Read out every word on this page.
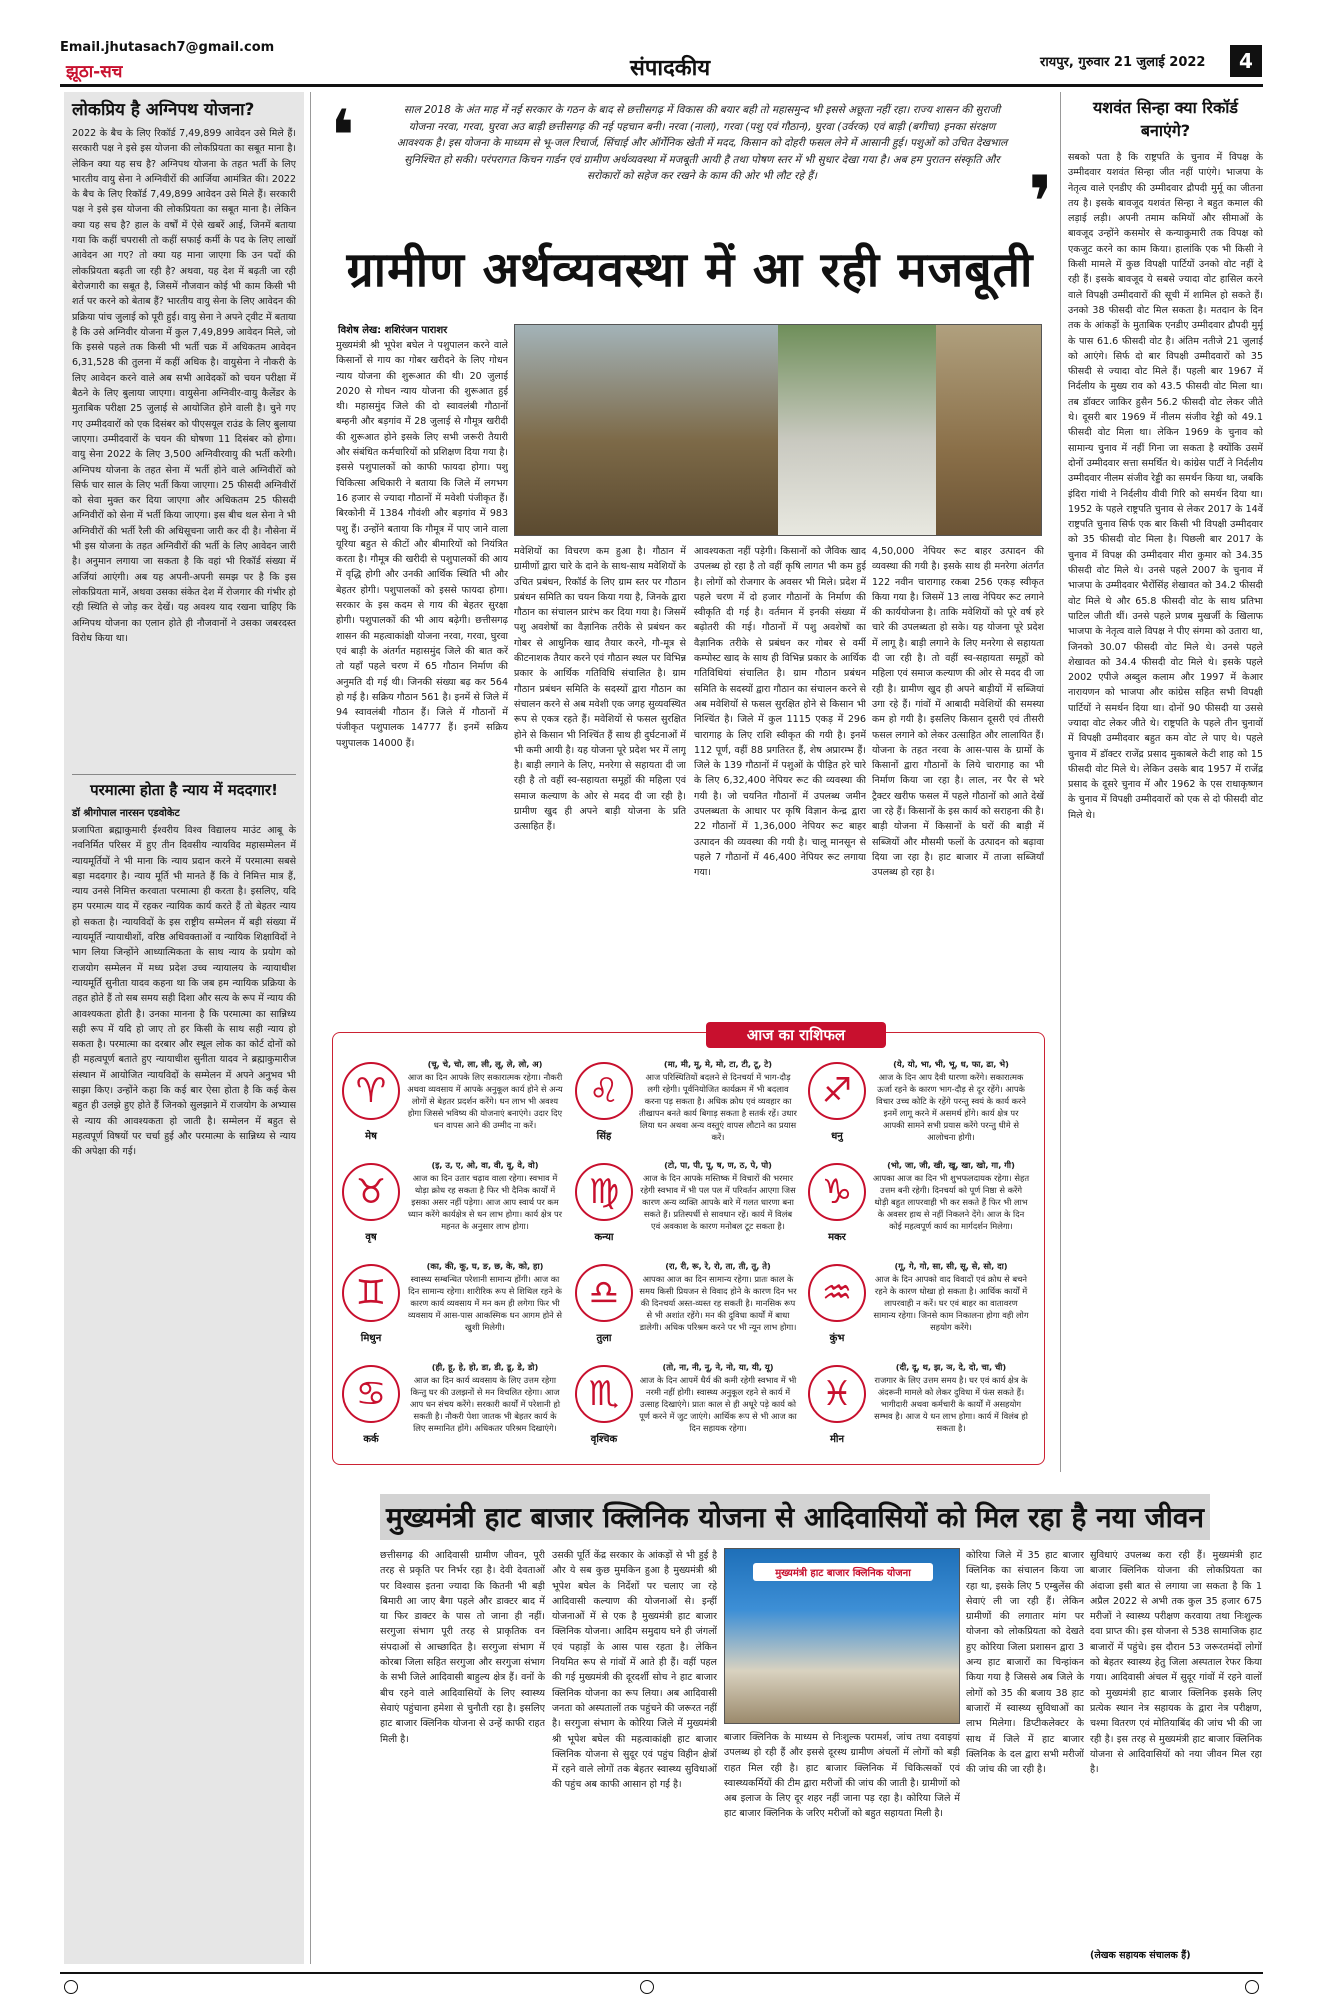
Email.jhutasach7@gmail.com
झूठा-सच	संपादकीय	रायपुर, गुरुवार 21 जुलाई 2022	4
लोकप्रिय है अग्निपथ योजना?

2022 के बैच के लिए रिकॉर्ड 7,49,899 आवेदन उसे मिले हैं। सरकारी पक्ष ने इसे इस योजना की लोकप्रियता का सबूत माना है। लेकिन क्या यह सच है? अग्निपथ योजना के तहत भर्ती के लिए भारतीय वायु सेना ने अग्निवीरों की आर्जिया आमंत्रित की। 2022 के बैच के लिए रिकॉर्ड 7,49,899 आवेदन उसे मिले हैं। सरकारी पक्ष ने इसे इस योजना की लोकप्रियता का सबूत माना है। लेकिन क्या यह सच है? हाल के वर्षों में ऐसे खबरें आई, जिनमें बताया गया कि कहीं चपरासी तो कहीं सफाई कर्मी के पद के लिए लाखों आवेदन आ गए? तो क्या यह माना जाएगा कि उन पदों की लोकप्रियता बढ़ती जा रही है? अथवा, यह देश में बढ़ती जा रही बेरोजगारी का सबूत है, जिसमें नौजवान कोई भी काम किसी भी शर्त पर करने को बेताब हैं? भारतीय वायु सेना के लिए आवेदन की प्रक्रिया पांच जुलाई को पूरी हुई। वायु सेना ने अपने ट्वीट में बताया है कि उसे अग्निवीर योजना में कुल 7,49,899 आवेदन मिले, जो कि इससे पहले तक किसी भी भर्ती चक्र में अधिकतम आवेदन 6,31,528 की तुलना में कहीं अधिक है। वायुसेना ने नौकरी के लिए आवेदन करने वाले अब सभी आवेदकों को चयन परीक्षा में बैठने के लिए बुलाया जाएगा। वायुसेना अग्निवीर-वायु कैलेंडर के मुताबिक परीक्षा 25 जुलाई से आयोजित होने वाली है। चुने गए गए उम्मीदवारों को एक दिसंबर को पीएसयूल राउंड के लिए बुलाया जाएगा। उम्मीदवारों के चयन की घोषणा 11 दिसंबर को होगा। वायु सेना 2022 के लिए 3,500 अग्निवीरवायु की भर्ती करेगी। अग्निपथ योजना के तहत सेना में भर्ती होने वाले अग्निवीरों को सिर्फ चार साल के लिए भर्ती किया जाएगा। 25 फीसदी अग्निवीरों को सेवा मुक्त कर दिया जाएगा और अधिकतम 25 फीसदी अग्निवीरों को सेना में भर्ती किया जाएगा। इस बीच थल सेना ने भी अग्निवीरों की भर्ती रैली की अधिसूचना जारी कर दी है। नौसेना में भी इस योजना के तहत अग्निवीरों की भर्ती के लिए आवेदन जारी है। अनुमान लगाया जा सकता है कि वहां भी रिकॉर्ड संख्या में अर्जियां आएंगी। अब यह अपनी-अपनी समझ पर है कि इस लोकप्रियता मानें, अथवा उसका संकेत देश में रोजगार की गंभीर हो रही स्थिति से जोड़ कर देखें। यह अवश्य याद रखना चाहिए कि अग्निपथ योजना का एलान होते ही नौजवानों ने उसका जबरदस्त विरोध किया था।

परमात्मा होता है न्याय में मददगार!
डॉ श्रीगोपाल नारसन एडवोकेट

प्रजापिता ब्रह्माकुमारी ईश्वरीय विश्व विद्यालय माउंट आबू के नवनिर्मित परिसर में हुए तीन दिवसीय न्यायविद महासम्मेलन में न्यायमूर्तियों ने भी माना कि न्याय प्रदान करने में परमात्मा सबसे बड़ा मददगार है। न्याय मूर्ति भी मानते हैं कि वे निमित्त मात्र हैं, न्याय उनसे निमित्त करवाता परमात्मा ही करता है। इसलिए, यदि हम परमात्म याद में रहकर न्यायिक कार्य करते हैं तो बेहतर न्याय हो सकता है। न्यायविदों के इस राष्ट्रीय सम्मेलन में बड़ी संख्या में न्यायमूर्ति न्यायाधीशों, वरिष्ठ अधिवक्ताओं व न्यायिक शिक्षाविदों ने भाग लिया जिन्होंने आध्यात्मिकता के साथ न्याय के प्रयोग को राजयोग सम्मेलन में मध्य प्रदेश उच्च न्यायालय के न्यायाधीश न्यायमूर्ति सुनीता यादव कहना था कि जब हम न्यायिक प्रक्रिया के तहत होते हैं तो सब समय सही दिशा और सत्य के रूप में न्याय की आवश्यकता होती है। उनका मानना है कि परमात्मा का सान्निध्य सही रूप में यदि हो जाए तो हर किसी के साथ सही न्याय हो सकता है। परमात्मा का दरबार और स्थूल लोक का कोर्ट दोनों को ही महत्वपूर्ण बताते हुए न्यायाधीश सुनीता यादव ने ब्रह्माकुमारीज संस्थान में आयोजित न्यायविदों के सम्मेलन में अपने अनुभव भी साझा किए। उन्होंने कहा कि कई बार ऐसा होता है कि कई केस बहुत ही उलझे हुए होते हैं जिनको सुलझाने में राजयोग के अभ्यास से न्याय की आवश्यकता हो जाती है। सम्मेलन में बहुत से महत्वपूर्ण विषयों पर चर्चा हुई और परमात्मा के सान्निध्य से न्याय की अपेक्षा की गई।

❛	साल 2018 के अंत माह में नई सरकार के गठन के बाद से छत्तीसगढ़ में विकास की बयार बही तो महासमुन्द भी इससे अछूता नहीं रहा। राज्य शासन की सुराजी योजना नरवा, गरवा, घुरवा अउ बाड़ी छत्तीसगढ़ की नई पहचान बनी। नरवा (नाला), गरवा (पशु एवं गौठान), घुरवा (उर्वरक) एवं बाड़ी (बगीचा) इनका संरक्षण आवश्यक है। इस योजना के माध्यम से भू-जल रिचार्ज, सिंचाई और ऑर्गेनिक खेती में मदद, किसान को दोहरी फसल लेने में आसानी हुई। पशुओं को उचित देखभाल सुनिश्चित हो सकी। परंपरागत किचन गार्डन एवं ग्रामीण अर्थव्यवस्था में मजबूती आयी है तथा पोषण स्तर में भी सुधार देखा गया है। अब हम पुरातन संस्कृति और सरोकारों को सहेज कर रखने के काम की ओर भी लौट रहे हैं।	❜
ग्रामीण अर्थव्यवस्था में आ रही मजबूती
विशेष लेख: शशिरंजन पाराशर

मुख्यमंत्री श्री भूपेश बघेल ने पशुपालन करने वाले किसानों से गाय का गोबर खरीदने के लिए गोधन न्याय योजना की शुरूआत की थी। 20 जुलाई 2020 से गोधन न्याय योजना की शुरूआत हुई थी। महासमुंद जिले की दो स्वावलंबी गौठानों बम्हनी और बड़गांव में 28 जुलाई से गौमूत्र खरीदी की शुरूआत होने इसके लिए सभी जरूरी तैयारी और संबंधित कर्मचारियों को प्रशिक्षण दिया गया है। इससे पशुपालकों को काफी फायदा होगा। पशु चिकित्सा अधिकारी ने बताया कि जिले में लगभग 16 हजार से ज्यादा गौठानों में मवेशी पंजीकृत हैं। बिरकोनी में 1384 गौवंशी और बड़गांव में 983 पशु हैं। उन्होंने बताया कि गौमूत्र में पाए जाने वाला यूरिया बहुत से कीटों और बीमारियों को नियंत्रित करता है। गौमूत्र की खरीदी से पशुपालकों की आय में वृद्धि होगी और उनकी आर्थिक स्थिति भी और बेहतर होगी। पशुपालकों को इससे फायदा होगा। सरकार के इस कदम से गाय की बेहतर सुरक्षा होगी। पशुपालकों की भी आय बढ़ेगी। छत्तीसगढ़ शासन की महत्वाकांक्षी योजना नरवा, गरवा, घुरवा एवं बाड़ी के अंतर्गत महासमुंद जिले की बात करें तो यहाँ पहले चरण में 65 गौठान निर्माण की अनुमति दी गई थी। जिनकी संख्या बढ़ कर 564 हो गई है। सक्रिय गौठान 561 है। इनमें से जिले में 94 स्वावलंबी गौठान हैं। जिले में गौठानों में पंजीकृत पशुपालक 14777 हैं। इनमें सक्रिय पशुपालक 14000 हैं।

मवेशियों का विचरण कम हुआ है। गौठान में ग्रामीणों द्वारा चारे के दाने के साथ-साथ मवेशियों के उचित प्रबंधन, रिकॉर्ड के लिए ग्राम स्तर पर गौठान प्रबंधन समिति का चयन किया गया है, जिनके द्वारा गौठान का संचालन प्रारंभ कर दिया गया है। जिसमें पशु अवशेषों का वैज्ञानिक तरीके से प्रबंधन कर गोबर से आधुनिक खाद तैयार करने, गौ-मूत्र से कीटनाशक तैयार करने एवं गौठान स्थल पर विभिन्न प्रकार के आर्थिक गतिविधि संचालित है। ग्राम गौठान प्रबंधन समिति के सदस्यों द्वारा गौठान का संचालन करने से अब मवेशी एक जगह सुव्यवस्थित रूप से एकत्र रहते हैं। मवेशियों से फसल सुरक्षित होने से किसान भी निश्चिंत हैं साथ ही दुर्घटनाओं में भी कमी आयी है। यह योजना पूरे प्रदेश भर में लागू है। बाड़ी लगाने के लिए, मनरेगा से सहायता दी जा रही है तो वहीं स्व-सहायता समूहों की महिला एवं समाज कल्याण के ओर से मदद दी जा रही है। ग्रामीण खुद ही अपने बाड़ी योजना के प्रति उत्साहित हैं।

आवश्यकता नहीं पड़ेगी। किसानों को जैविक खाद उपलब्ध हो रहा है तो वहीं कृषि लागत भी कम हुई है। लोगों को रोजगार के अवसर भी मिले। प्रदेश में पहले चरण में दो हजार गौठानों के निर्माण की स्वीकृति दी गई है। वर्तमान में इनकी संख्या में बढ़ोतरी की गई। गौठानों में पशु अवशेषों का वैज्ञानिक तरीके से प्रबंधन कर गोबर से वर्मी कम्पोस्ट खाद के साथ ही विभिन्न प्रकार के आर्थिक गतिविधियां संचालित है। ग्राम गौठान प्रबंधन समिति के सदस्यों द्वारा गौठान का संचालन करने से अब मवेशियों से फसल सुरक्षित होने से किसान भी निश्चिंत है। जिले में कुल 1115 एकड़ में 296 चारागाह के लिए राशि स्वीकृत की गयी है। इनमें 112 पूर्ण, वहीं 88 प्रगतिरत हैं, शेष अप्रारम्भ हैं। जिले के 139 गौठानों में पशुओं के पीड़ित हरे चारे के लिए 6,32,400 नेपियर रूट की व्यवस्था की गयी है। जो चयनित गौठानों में उपलब्ध जमीन उपलब्धता के आधार पर कृषि विज्ञान केन्द्र द्वारा 22 गौठानों में 1,36,000 नेपियर रूट बाहर उत्पादन की व्यवस्था की गयी है। चालू मानसून से पहले 7 गौठानों में 46,400 नेपियर रूट लगाया गया।

4,50,000 नेपियर रूट बाहर उत्पादन की व्यवस्था की गयी है। इसके साथ ही मनरेगा अंतर्गत 122 नवीन चारागाह रकबा 256 एकड़ स्वीकृत किया गया है। जिसमें 13 लाख नेपियर रूट लगाने की कार्ययोजना है। ताकि मवेशियों को पूरे वर्ष हरे चारे की उपलब्धता हो सके। यह योजना पूरे प्रदेश में लागू है। बाड़ी लगाने के लिए मनरेगा से सहायता दी जा रही है। तो वहीं स्व-सहायता समूहों को महिला एवं समाज कल्याण की ओर से मदद दी जा रही है। ग्रामीण खुद ही अपने बाड़ीयों में सब्जियां उगा रहे हैं। गांवों में आबादी मवेशियों की समस्या कम हो गयी है। इसलिए किसान दूसरी एवं तीसरी फसल लगाने को लेकर उत्साहित और लालायित हैं। योजना के तहत नरवा के आस-पास के ग्रामों के किसानों द्वारा गौठानों के लिये चारागाह का भी निर्माण किया जा रहा है। लाल, नर पैर से भरे ट्रैक्टर खरीफ फसल में पहले गौठानों को आते देखें जा रहे हैं। किसानों के इस कार्य को सराहना की है। बाड़ी योजना में किसानों के घरों की बाड़ी में सब्जियों और मौसमी फलों के उत्पादन को बढ़ावा दिया जा रहा है। हाट बाजार में ताजा सब्जियाँ उपलब्ध हो रहा है।

यशवंत सिन्हा क्या रिकॉर्ड बनाएंगे?

सबको पता है कि राष्ट्रपति के चुनाव में विपक्ष के उम्मीदवार यशवंत सिन्हा जीत नहीं पाएंगे। भाजपा के नेतृत्व वाले एनडीए की उम्मीदवार द्रौपदी मुर्मू का जीतना तय है। इसके बावजूद यशवंत सिन्हा ने बहुत कमाल की लड़ाई लड़ी। अपनी तमाम कमियों और सीमाओं के बावजूद उन्होंने कसमोर से कन्याकुमारी तक विपक्ष को एकजुट करने का काम किया। हालांकि एक भी किसी ने किसी मामले में कुछ विपक्षी पार्टियों उनको वोट नहीं दे रही हैं। इसके बावजूद ये सबसे ज्यादा वोट हासिल करने वाले विपक्षी उम्मीदवारों की सूची में शामिल हो सकते हैं। उनको 38 फीसदी वोट मिल सकता है। मतदान के दिन तक के आंकड़ों के मुताबिक एनडीए उम्मीदवार द्रौपदी मुर्मू के पास 61.6 फीसदी वोट है। अंतिम नतीजे 21 जुलाई को आएंगे। सिर्फ दो बार विपक्षी उम्मीदवारों को 35 फीसदी से ज्यादा वोट मिले हैं। पहली बार 1967 में निर्दलीय के मुख्य राव को 43.5 फीसदी वोट मिला था। तब डॉक्टर जाकिर हुसैन 56.2 फीसदी वोट लेकर जीते थे। दूसरी बार 1969 में नीलम संजीव रेड्डी को 49.1 फीसदी वोट मिला था। लेकिन 1969 के चुनाव को सामान्य चुनाव में नहीं गिना जा सकता है क्योंकि उसमें दोनों उम्मीदवार सत्ता समर्थित थे। कांग्रेस पार्टी ने निर्दलीय उम्मीदवार नीलम संजीव रेड्डी का समर्थन किया था, जबकि इंदिरा गांधी ने निर्दलीय वीवी गिरि को समर्थन दिया था। 1952 के पहले राष्ट्रपति चुनाव से लेकर 2017 के 14वें राष्ट्रपति चुनाव सिर्फ एक बार किसी भी विपक्षी उम्मीदवार को 35 फीसदी वोट मिला है। पिछली बार 2017 के चुनाव में विपक्ष की उम्मीदवार मीरा कुमार को 34.35 फीसदी वोट मिले थे। उनसे पहले 2007 के चुनाव में भाजपा के उम्मीदवार भैरोंसिंह शेखावत को 34.2 फीसदी वोट मिले थे और 65.8 फीसदी वोट के साथ प्रतिभा पाटिल जीती थीं। उनसे पहले प्रणब मुखर्जी के खिलाफ भाजपा के नेतृत्व वाले विपक्ष ने पीए संगमा को उतारा था, जिनको 30.07 फीसदी वोट मिले थे। उनसे पहले शेखावत को 34.4 फीसदी वोट मिले थे। इसके पहले 2002 एपीजे अब्दुल कलाम और 1997 में केआर नारायणन को भाजपा और कांग्रेस सहित सभी विपक्षी पार्टियों ने समर्थन दिया था। दोनों 90 फीसदी या उससे ज्यादा वोट लेकर जीते थे। राष्ट्रपति के पहले तीन चुनावों में विपक्षी उम्मीदवार बहुत कम वोट ले पाए थे। पहले चुनाव में डॉक्टर राजेंद्र प्रसाद मुकाबले केटी शाह को 15 फीसदी वोट मिले थे। लेकिन उसके बाद 1957 में राजेंद्र प्रसाद के दूसरे चुनाव में और 1962 के एस राधाकृष्णन के चुनाव में विपक्षी उम्मीदवारों को एक से दो फीसदी वोट मिले थे।

आज का राशिफल
♈
मेष
(चू, चे, चो, ला, ली, लू, ले, लो, अ)
आज का दिन आपके लिए सकारात्मक रहेगा। नौकरी अथवा व्यवसाय में आपके अनुकूल कार्य होने से अन्य लोगों से बेहतर प्रदर्शन करेंगे। धन लाभ भी अवश्य होगा जिससे भविष्य की योजनाएं बनाएंगे। उदार दिए धन वापस आने की उम्मीद ना करें।
♌
सिंह
(मा, मी, मू, मे, मो, टा, टी, टू, टे)
आज परिस्थितियों बदलने से दिनचर्या में भाग-दौड़ लगी रहेगी। पूर्वनियोजित कार्यक्रम में भी बदलाव करना पड़ सकता है। अधिक क्रोध एवं व्यवहार का तीखापन बनते कार्य बिगाड़ सकता है सतर्क रहें। उधार लिया धन अथवा अन्य वस्तुएं वापस लौटाने का प्रयास करें।
♐
धनु
(ये, यो, भा, भी, भू, ध, फा, ढा, भे)
आज के दिन आप दैवी धारणा करेंगे। सकारात्मक ऊर्जा रहने के कारण भाग-दौड़ से दूर रहेंगे। आपके विचार उच्च कोटि के रहेंगे परन्तु स्वयं के कार्य करने इनमें लागू करने में असमर्थ होंगे। कार्य क्षेत्र पर आपकी सामने सभी प्रयास करेंगे परन्तु धीमे से आलोचना होगी।
♉
वृष
(इ, उ, ए, ओ, वा, वी, वू, वे, वो)
आज का दिन उतार चढ़ाव वाला रहेगा। स्वभाव में थोड़ा क्रोध रह सकता है फिर भी दैनिक कार्यों में इसका असर नहीं पड़ेगा। आज आप स्वार्थ पर कम ध्यान करेंगे कार्यक्षेत्र से धन लाभ होगा। कार्य क्षेत्र पर महनत के अनुसार लाभ होगा।
♍
कन्या
(टो, पा, पी, पू, ष, ण, ठ, पे, पो)
आज के दिन आपके मस्तिष्क में विचारों की भरमार रहेगी स्वभाव में भी पल पल में परिवर्तन आएगा जिस कारण अन्य व्यक्ति आपके बारे में गलत धारणा बना सकते हैं। प्रतिस्पर्धी से सावधान रहें। कार्य में विलंब एवं अवकाश के कारण मनोबल टूट सकता है।
♑
मकर
(भो, जा, जी, खी, खू, खा, खो, गा, गी)
आपका आज का दिन भी शुभफलदायक रहेगा। सेहत उत्तम बनी रहेगी। दिनचर्या को पूर्ण निष्ठा से करेंगे थोड़ी बहुत लापरवाही भी कर सकते हैं फिर भी लाभ के अवसर हाथ से नहीं निकलने देंगे। आज के दिन कोई महत्वपूर्ण कार्य का मार्गदर्शन मिलेगा।
♊
मिथुन
(का, की, कू, घ, ङ, छ, के, को, हा)
स्वास्थ्य सम्बन्धित परेशानी सामान्य होंगी। आज का दिन सामान्य रहेगा। शारीरिक रूप से शिथिल रहने के कारण कार्य व्यवसाय में मन कम ही लगेगा फिर भी व्यवसाय में आस-पास आकस्मिक धन आगम होने से खुशी मिलेगी।
♎
तुला
(रा, री, रू, रे, रो, ता, ती, तू, ते)
आपका आज का दिन सामान्य रहेगा। प्रातः काल के समय किसी प्रियजन से विवाद होने के कारण दिन भर की दिनचर्या अस्त-व्यस्त रह सकती है। मानसिक रूप से भी अशांत रहेंगे। मन की दुविधा कार्यों में बाधा डालेगी। अधिक परिश्रम करने पर भी न्यून लाभ होगा।
♒
कुंभ
(गू, गे, गो, सा, सी, सू, से, सो, दा)
आज के दिन आपको वाद विवादों एवं क्रोध से बचने रहने के कारण धोखा हो सकता है। आर्थिक कार्यों में लापरवाही न करें। घर एवं बाहर का वातावरण सामान्य रहेगा। जिनसे काम निकालना होगा वही लोग सहयोग करेंगे।
♋
कर्क
(ही, हू, हे, हो, डा, डी, डू, डे, डो)
आज का दिन कार्य व्यवसाय के लिए उत्तम रहेगा किन्तु घर की उलझनों से मन विचलित रहेगा। आज आप धन संचय करेंगे। सरकारी कार्यों में परेशानी हो सकती है। नौकरी पेशा जातक भी बेहतर कार्य के लिए सम्मानित होंगे। अधिकतर परिश्रम दिखाएंगे।
♏
वृश्चिक
(तो, ना, नी, नू, ने, नो, या, यी, यू)
आज के दिन आपमें धैर्य की कमी रहेगी स्वभाव में भी नरमी नहीं होगी। स्वास्थ्य अनुकूल रहने से कार्य में उत्साह दिखाएंगे। प्रातः काल से ही अधूरे पड़े कार्य को पूर्ण करने में जुट जाएंगे। आर्थिक रूप से भी आज का दिन सहायक रहेगा।
♓
मीन
(दी, दू, थ, झ, ञ, दे, दो, चा, ची)
राजगार के लिए उत्तम समय है। घर एवं कार्य क्षेत्र के अंदरूनी मामले को लेकर दुविधा में फंस सकते हैं। भागीदारी अथवा कर्मचारी के कार्यों में असहयोग सम्भव है। आज ये धन लाभ होगा। कार्य में विलंब हो सकता है।
मुख्यमंत्री हाट बाजार क्लिनिक योजना से आदिवासियों को मिल रहा है नया जीवन

छत्तीसगढ़ की आदिवासी ग्रामीण जीवन, पूरी तरह से प्रकृति पर निर्भर रहा है। देवी देवताओं पर विश्वास इतना ज्यादा कि कितनी भी बड़ी बिमारी आ जाए बैगा पहले और डाक्टर बाद में या फिर डाक्टर के पास तो जाना ही नहीं। सरगुजा संभाग पूरी तरह से प्राकृतिक वन संपदाओं से आच्छादित है। सरगुजा संभाग में कोरबा जिला सहित सरगुजा और सरगुजा संभाग के सभी जिले आदिवासी बाहुल्य क्षेत्र हैं। वनों के बीच रहने वाले आदिवासियों के लिए स्वास्थ्य सेवाएं पहुंचाना हमेशा से चुनौती रहा है। इसलिए हाट बाजार क्लिनिक योजना से उन्हें काफी राहत मिली है।

उसकी पूर्ति केंद्र सरकार के आंकड़ों से भी हुई है और ये सब कुछ मुमकिन हुआ है मुख्यमंत्री श्री भूपेश बघेल के निर्देशों पर चलाए जा रहे आदिवासी कल्याण की योजनाओं से। इन्हीं योजनाओं में से एक है मुख्यमंत्री हाट बाजार क्लिनिक योजना। आदिम समुदाय घने ही जंगलों एवं पहाड़ों के आस पास रहता है। लेकिन नियमित रूप से गांवों में आते ही हैं। वहीं पहल की गई मुख्यमंत्री की दूरदर्शी सोच ने हाट बाजार क्लिनिक योजना का रूप लिया। अब आदिवासी जनता को अस्पतालों तक पहुंचने की जरूरत नहीं है। सरगुजा संभाग के कोरिया जिले में मुख्यमंत्री श्री भूपेश बघेल की महत्वाकांक्षी हाट बाजार क्लिनिक योजना से सुदूर एवं पहुंच विहीन क्षेत्रों में रहने वाले लोगों तक बेहतर स्वास्थ्य सुविधाओं की पहुंच अब काफी आसान हो गई है।

मुख्यमंत्री हाट बाजार क्लिनिक योजना

बाजार क्लिनिक के माध्यम से निःशुल्क परामर्श, जांच तथा दवाइयां उपलब्ध हो रही हैं और इससे दूरस्थ ग्रामीण अंचलों में लोगों को बड़ी राहत मिल रही है। हाट बाजार क्लिनिक में चिकित्सकों एवं स्वास्थ्यकर्मियों की टीम द्वारा मरीजों की जांच की जाती है। ग्रामीणों को अब इलाज के लिए दूर शहर नहीं जाना पड़ रहा है। कोरिया जिले में हाट बाजार क्लिनिक के जरिए मरीजों को बहुत सहायता मिली है।

कोरिया जिले में 35 हाट बाजार क्लिनिक का संचालन किया जा रहा था, इसके लिए 5 एम्बुलेंस की सेवाएं ली जा रही हैं। लेकिन ग्रामीणों की लगातार मांग पर योजना को लोकप्रियता को देखते हुए कोरिया जिला प्रशासन द्वारा 3 अन्य हाट बाजारों का चिन्हांकन किया गया है जिससे अब जिले के लोगों को 35 की बजाय 38 हाट बाजारों में स्वास्थ्य सुविधाओं का लाभ मिलेगा। डिप्टीकलेक्टर के साथ में जिले में हाट बाजार क्लिनिक के दल द्वारा सभी मरीजों की जांच की जा रही है।

सुविधाएं उपलब्ध करा रही हैं। मुख्यमंत्री हाट बाजार क्लिनिक योजना की लोकप्रियता का अंदाजा इसी बात से लगाया जा सकता है कि 1 अप्रैल 2022 से अभी तक कुल 35 हजार 675 मरीजों ने स्वास्थ्य परीक्षण करवाया तथा निःशुल्क दवा प्राप्त की। इस योजना से 538 सामाजिक हाट बाजारों में पहुंचे। इस दौरान 53 जरूरतमंदों लोगों को बेहतर स्वास्थ्य हेतु जिला अस्पताल रेफर किया गया। आदिवासी अंचल में सुदूर गांवों में रहने वालों को मुख्यमंत्री हाट बाजार क्लिनिक इसके लिए प्रत्येक स्थान नेत्र सहायक के द्वारा नेत्र परीक्षण, चश्मा वितरण एवं मोतियाबिंद की जांच भी की जा रही है। इस तरह से मुख्यमंत्री हाट बाजार क्लिनिक योजना से आदिवासियों को नया जीवन मिल रहा है।

(लेखक सहायक संचालक हैं)
